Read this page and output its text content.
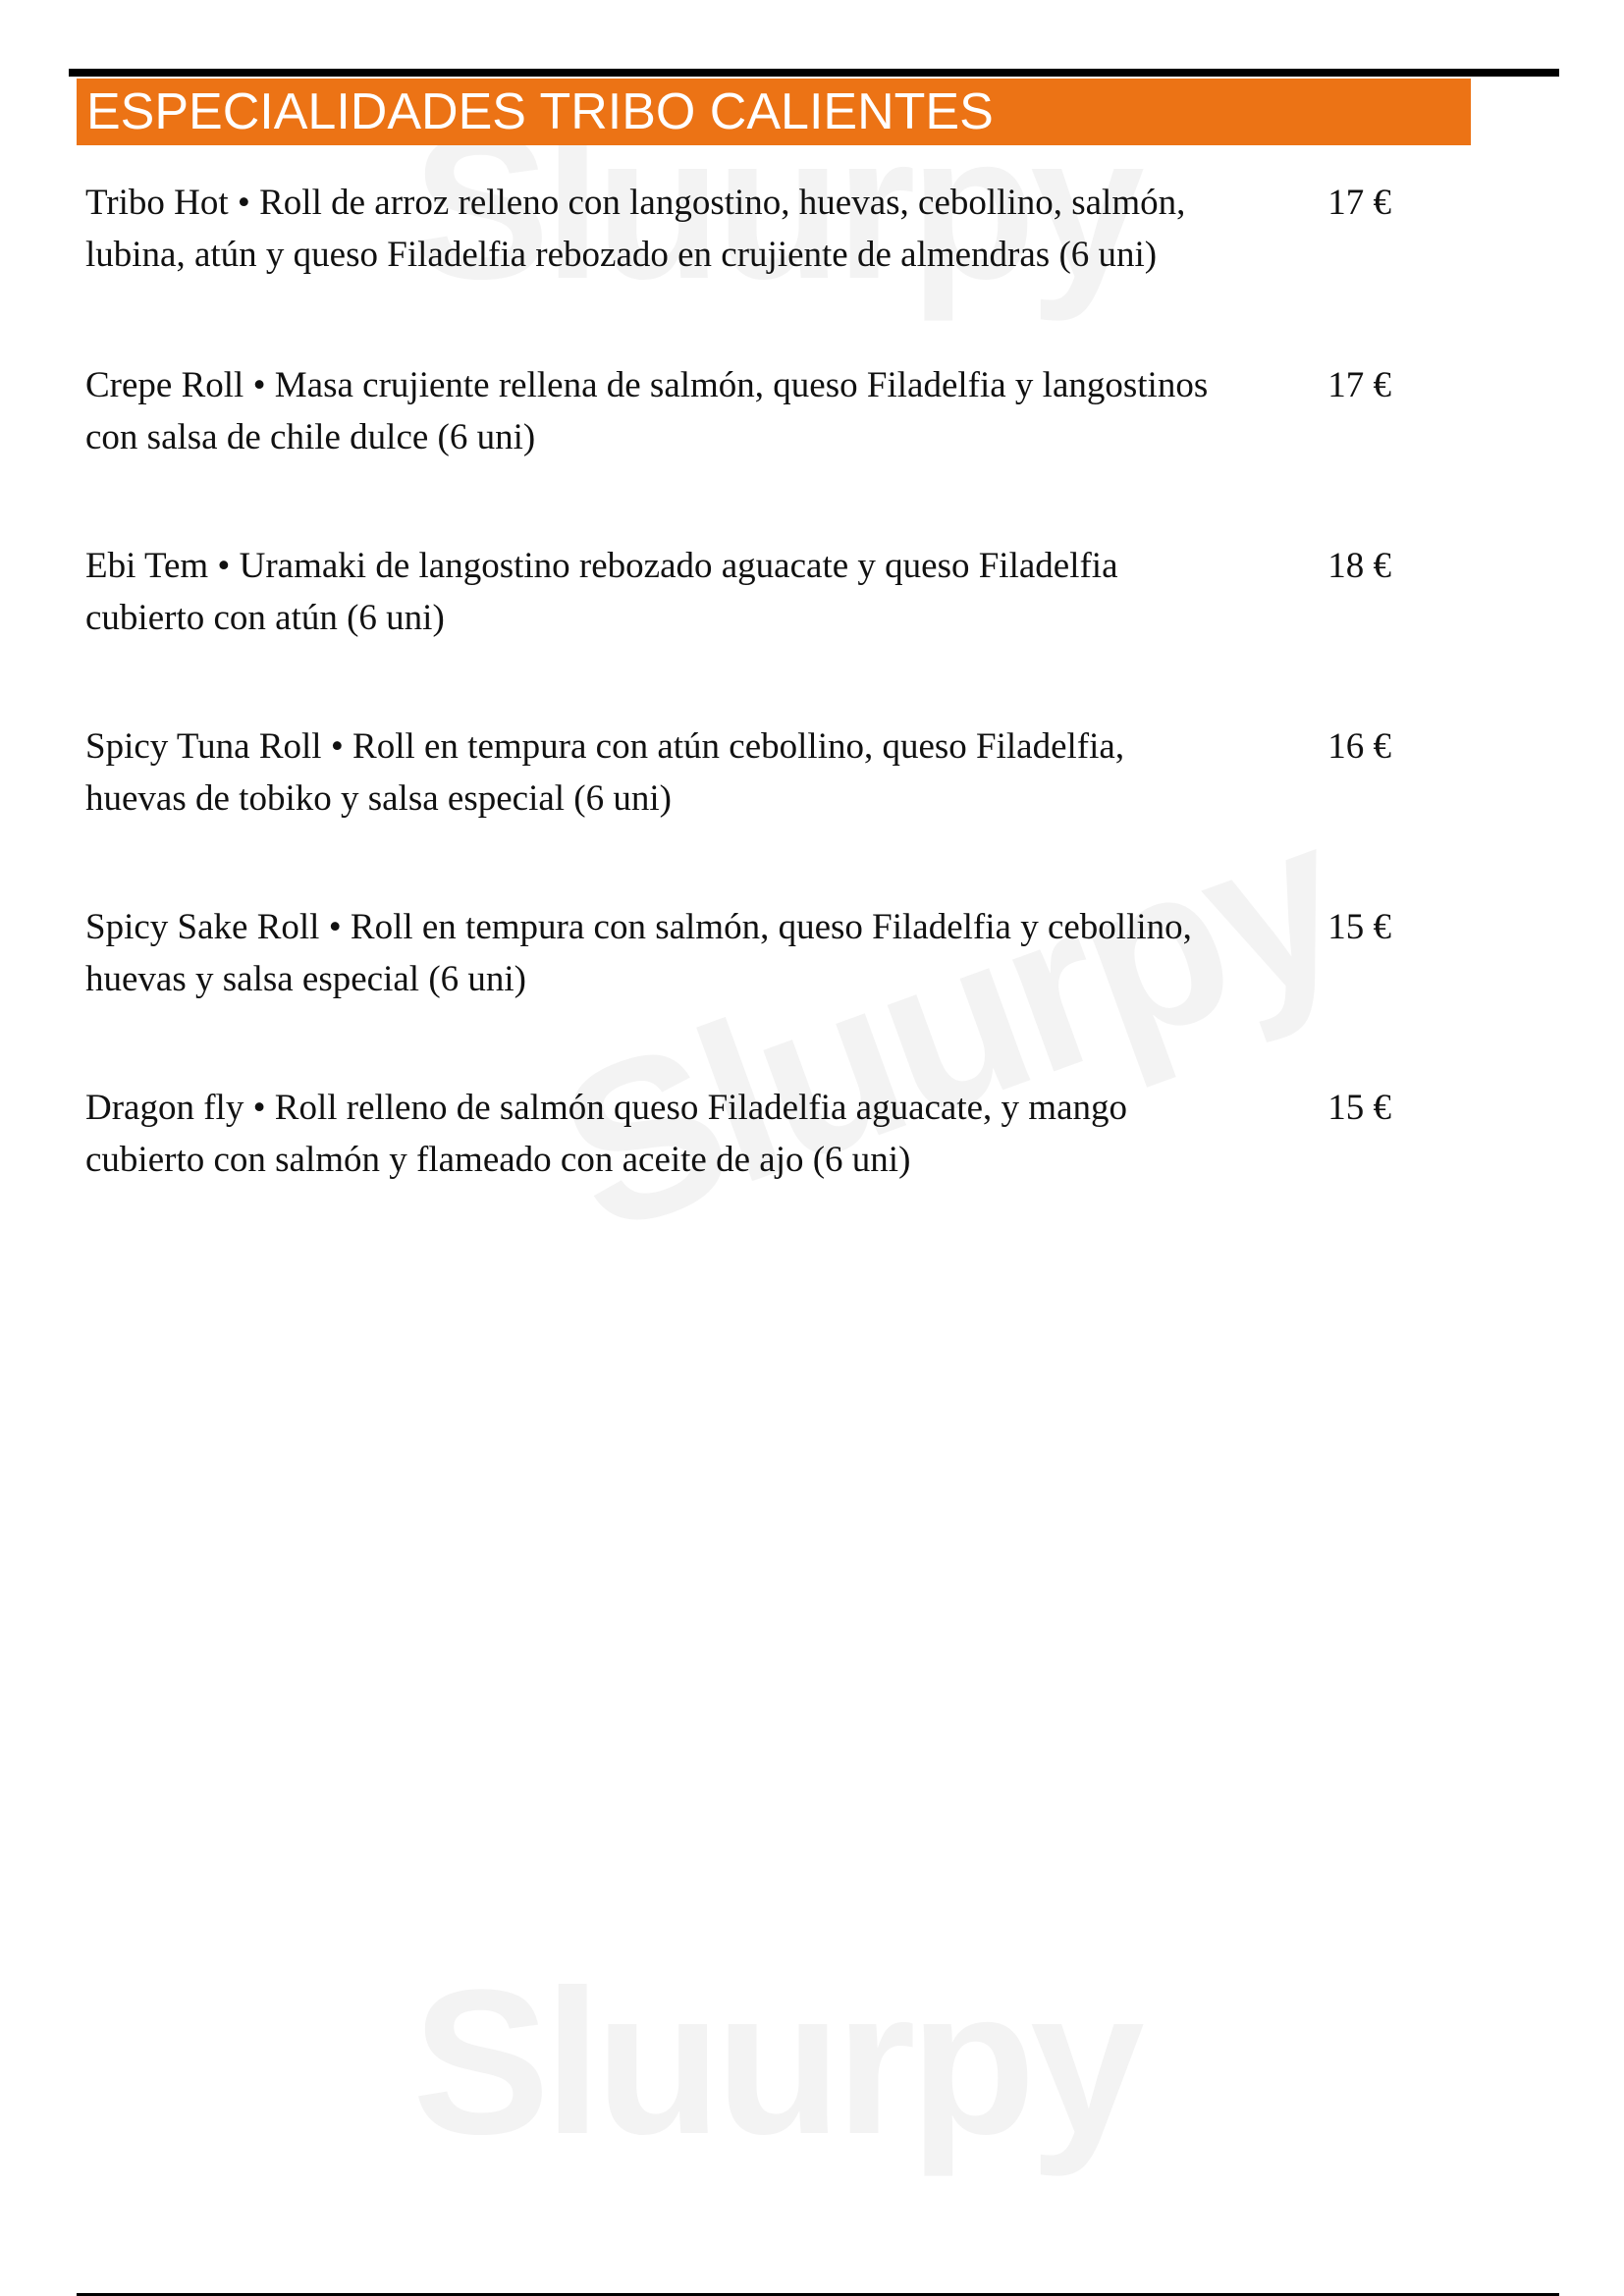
ESPECIALIDADES TRIBO CALIENTES
Tribo Hot • Roll de arroz relleno con langostino, huevas, cebollino, salmón, lubina, atún y queso Filadelfia rebozado en crujiente de almendras (6 uni)
17 €
Crepe Roll • Masa crujiente rellena de salmón, queso Filadelfia y langostinos con salsa de chile dulce (6 uni)
17 €
Ebi Tem • Uramaki de langostino rebozado aguacate y queso Filadelfia cubierto con atún (6 uni)
18 €
Spicy Tuna Roll • Roll en tempura con atún cebollino, queso Filadelfia, huevas de tobiko y salsa especial (6 uni)
16 €
Spicy Sake Roll • Roll en tempura con salmón, queso Filadelfia y cebollino, huevas y salsa especial (6 uni)
15 €
Dragon fly • Roll relleno de salmón queso Filadelfia aguacate, y mango cubierto con salmón y flameado con aceite de ajo (6 uni)
15 €
